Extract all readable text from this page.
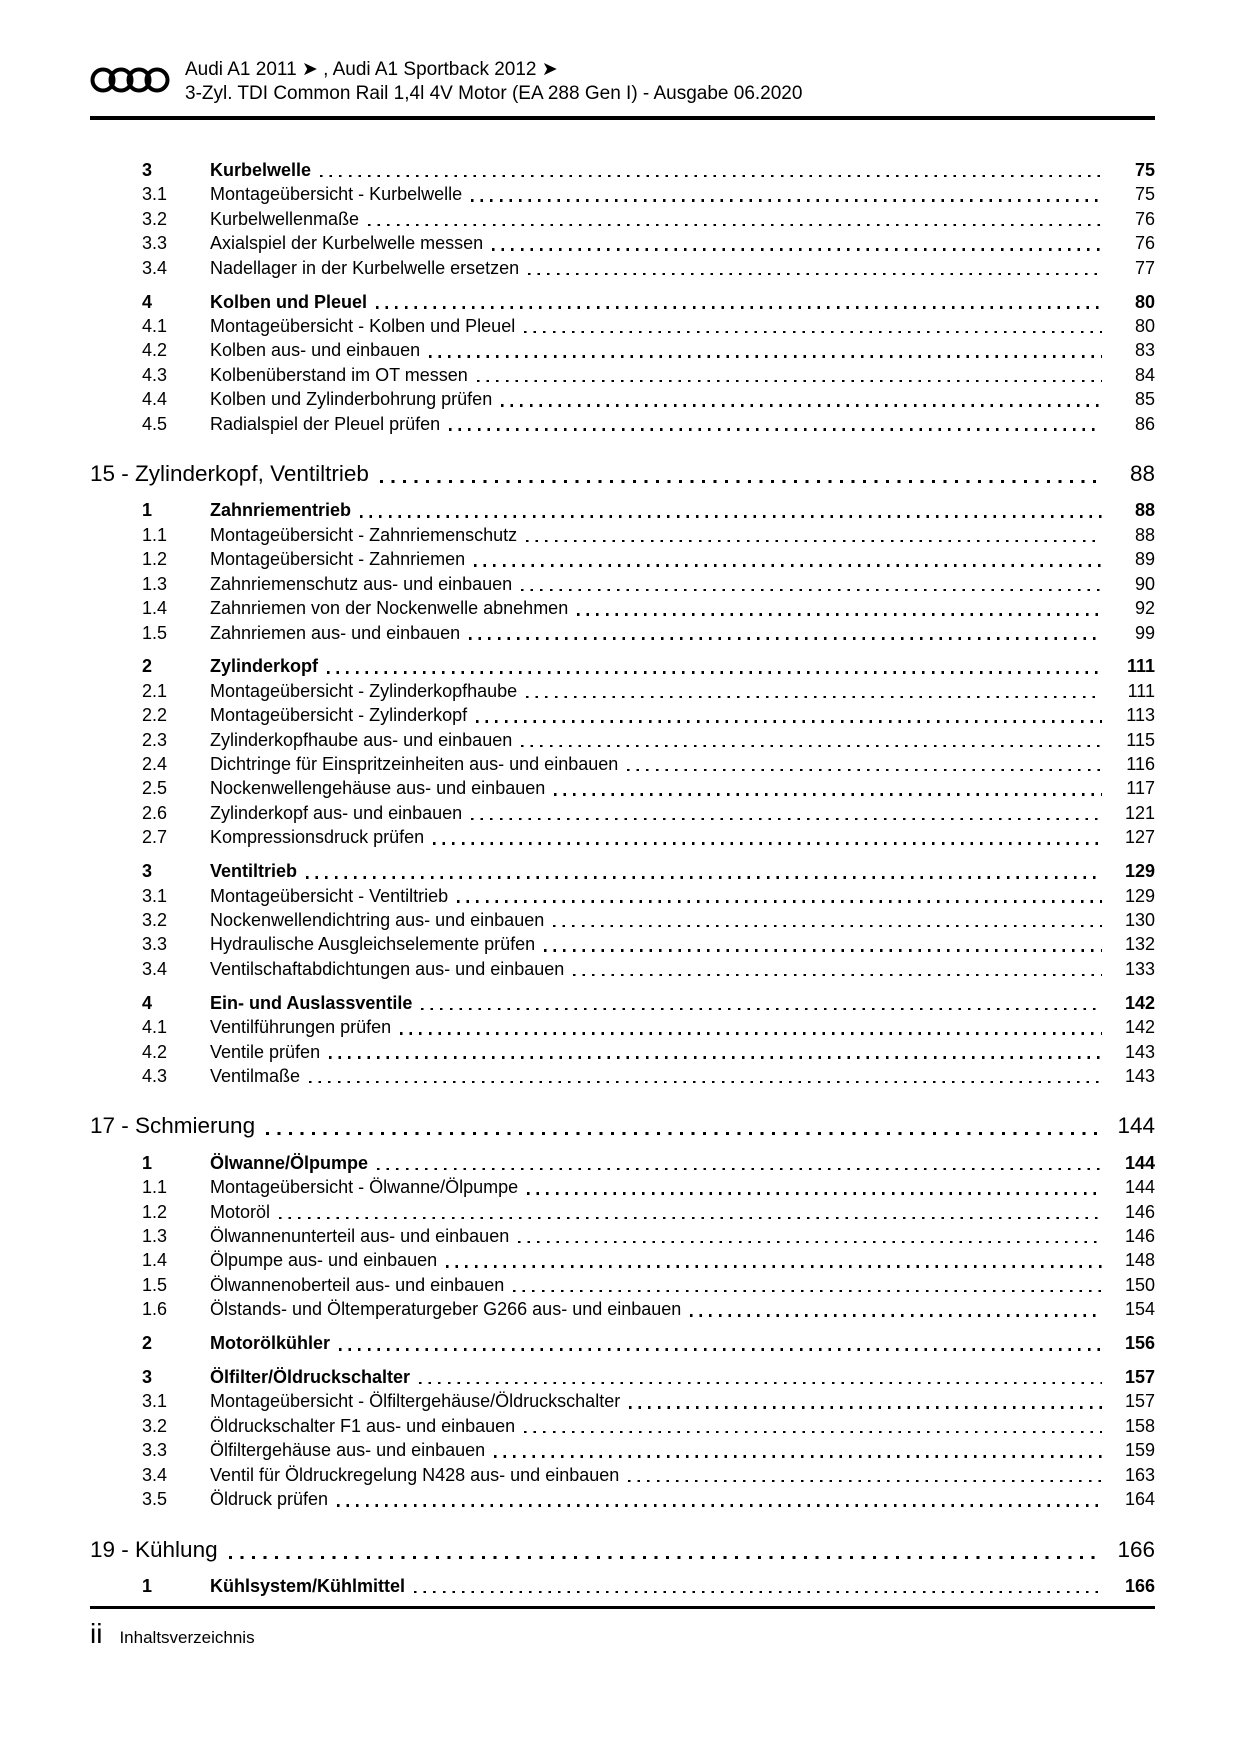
Audi A1 2011 ➤ , Audi A1 Sportback 2012 ➤
3-Zyl. TDI Common Rail 1,4l 4V Motor (EA 288 Gen I) - Ausgabe 06.2020
3	Kurbelwelle	75
3.1	Montageübersicht - Kurbelwelle	75
3.2	Kurbelwellenmaße	76
3.3	Axialspiel der Kurbelwelle messen	76
3.4	Nadellager in der Kurbelwelle ersetzen	77
4	Kolben und Pleuel	80
4.1	Montageübersicht - Kolben und Pleuel	80
4.2	Kolben aus- und einbauen	83
4.3	Kolbenüberstand im OT messen	84
4.4	Kolben und Zylinderbohrung prüfen	85
4.5	Radialspiel der Pleuel prüfen	86
15 - Zylinderkopf, Ventiltrieb	88
1	Zahnriementrieb	88
1.1	Montageübersicht - Zahnriemenschutz	88
1.2	Montageübersicht - Zahnriemen	89
1.3	Zahnriemenschutz aus- und einbauen	90
1.4	Zahnriemen von der Nockenwelle abnehmen	92
1.5	Zahnriemen aus- und einbauen	99
2	Zylinderkopf	111
2.1	Montageübersicht - Zylinderkopfhaube	111
2.2	Montageübersicht - Zylinderkopf	113
2.3	Zylinderkopfhaube aus- und einbauen	115
2.4	Dichtringe für Einspritzeinheiten aus- und einbauen	116
2.5	Nockenwellengehäuse aus- und einbauen	117
2.6	Zylinderkopf aus- und einbauen	121
2.7	Kompressionsdruck prüfen	127
3	Ventiltrieb	129
3.1	Montageübersicht - Ventiltrieb	129
3.2	Nockenwellendichtring aus- und einbauen	130
3.3	Hydraulische Ausgleichselemente prüfen	132
3.4	Ventilschaftabdichtungen aus- und einbauen	133
4	Ein- und Auslassventile	142
4.1	Ventilführungen prüfen	142
4.2	Ventile prüfen	143
4.3	Ventilmaße	143
17 - Schmierung	144
1	Ölwanne/Ölpumpe	144
1.1	Montageübersicht - Ölwanne/Ölpumpe	144
1.2	Motoröl	146
1.3	Ölwannenunterteil aus- und einbauen	146
1.4	Ölpumpe aus- und einbauen	148
1.5	Ölwannenoberteil aus- und einbauen	150
1.6	Ölstands- und Öltemperaturgeber G266 aus- und einbauen	154
2	Motorölkühler	156
3	Ölfilter/Öldruckschalter	157
3.1	Montageübersicht - Ölfiltergehäuse/Öldruckschalter	157
3.2	Öldruckschalter F1 aus- und einbauen	158
3.3	Ölfiltergehäuse aus- und einbauen	159
3.4	Ventil für Öldruckregelung N428 aus- und einbauen	163
3.5	Öldruck prüfen	164
19 - Kühlung	166
1	Kühlsystem/Kühlmittel	166
ii Inhaltsverzeichnis
